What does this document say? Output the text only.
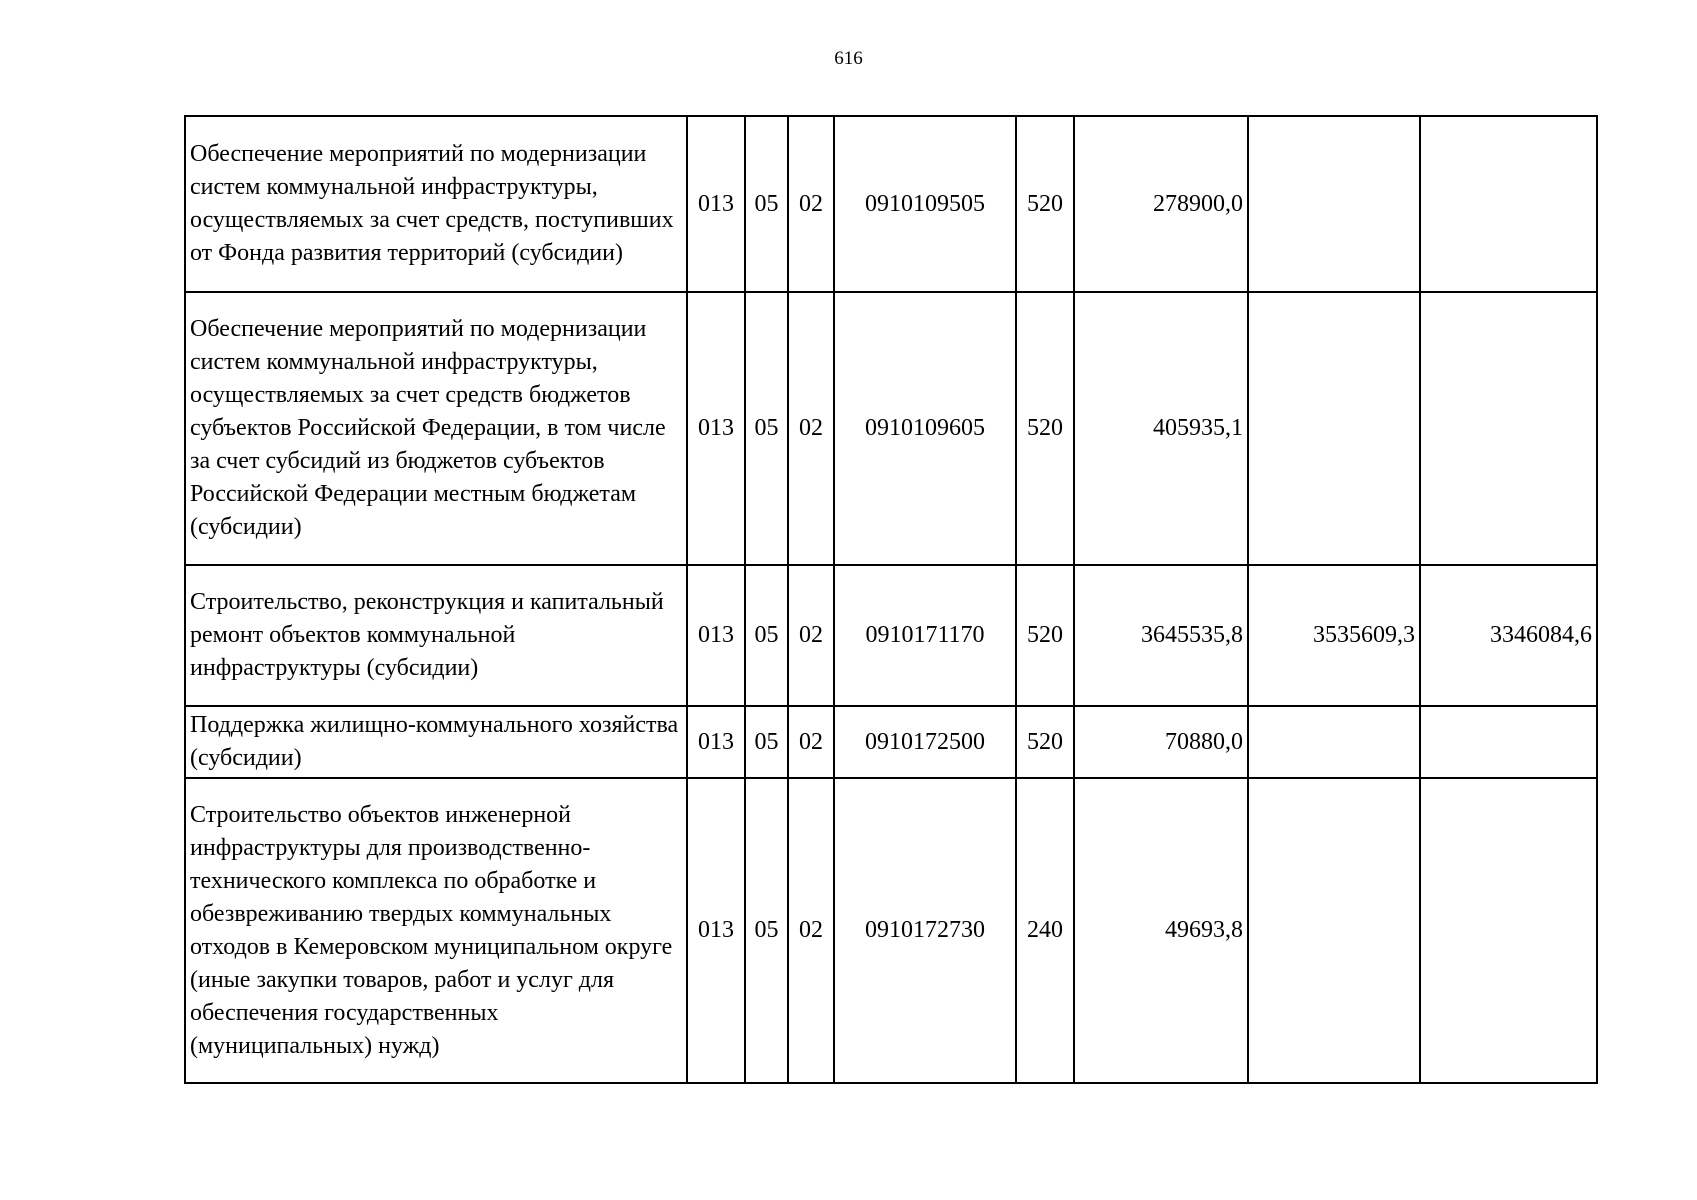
616
Обеспечение мероприятий по модернизации систем коммунальной инфраструктуры, осуществляемых за счет средств, поступивших от Фонда развития территорий (субсидии)	013	05	02	0910109505	520	278900,0		
Обеспечение мероприятий по модернизации систем коммунальной инфраструктуры, осуществляемых за счет средств бюджетов субъектов Российской Федерации, в том числе за счет субсидий из бюджетов субъектов Российской Федерации местным бюджетам (субсидии)	013	05	02	0910109605	520	405935,1		
Строительство, реконструкция и капитальный ремонт объектов коммунальной инфраструктуры (субсидии)	013	05	02	0910171170	520	3645535,8	3535609,3	3346084,6
Поддержка жилищно-коммунального хозяйства (субсидии)	013	05	02	0910172500	520	70880,0		
Строительство объектов инженерной инфраструктуры для производственно-технического комплекса по обработке и обезвреживанию твердых коммунальных отходов в Кемеровском муниципальном округе (иные закупки товаров, работ и услуг для обеспечения государственных (муниципальных) нужд)	013	05	02	0910172730	240	49693,8		
